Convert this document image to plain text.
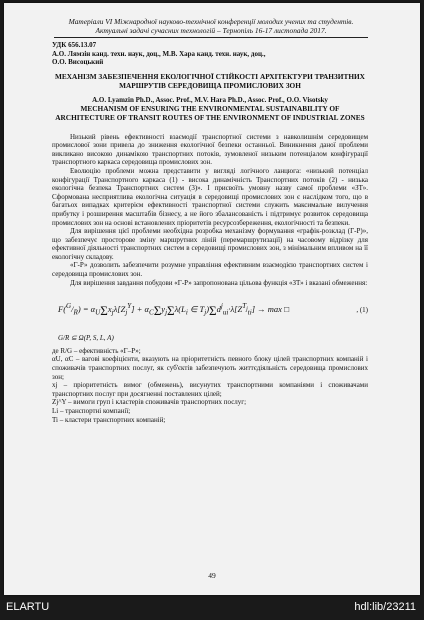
Матеріали VI Міжнародної науково-технічної конференції молодих учених та студентів.
Актуальні задачі сучасних технологій – Тернопіль 16-17 листопада 2017.

УДК 656.13.07

А.О. Лямзін канд. техн. наук, доц., М.В. Хара канд. техн. наук, доц.,

О.О. Висоцький

МЕХАНІЗМ ЗАБЕЗПЕЧЕННЯ ЕКОЛОГІЧНОЇ СТІЙКОСТІ АРХІТЕКТУРИ ТРАНЗИТНИХ МАРШРУТІВ СЕРЕДОВИЩА ПРОМИСЛОВИХ ЗОН

A.O. Lyamzin Ph.D., Assoc. Prof., M.V. Hara Ph.D., Assoc. Prof., O.O. Visotsky

MECHANISM OF ENSURING THE ENVIRONMENTAL SUSTAINABILITY OF ARCHITECTURE OF TRANSIT ROUTES OF THE ENVIRONMENT OF INDUSTRIAL ZONES

Низький рівень ефективності взаємодії транспортної системи з навколишнім середовищем промислової зони привела до зниження екологічної безпеки останньої. Виникнення даної проблеми викликано високою динамікою транспортних потоків, зумовленої низьким потенціалом конфігурації транспортного каркаса середовища промислових зон.

Еволюцію проблеми можна представити у вигляді логічного ланцюга: «низький потенціал конфігурації Транспортного каркаса (1) - висока динамічність Транспортних потоків (2) - низька екологічна безпека Транспортних систем (3)». І присвоїть умовну назву самої проблеми «ЗТ». Сформована несприятлива екологічна ситуація в середовищі промислових зон є наслідком того, що в багатьох випадках критерієм ефективності транспортної системи служить максимальне вилучення прибутку і розширення масштабів бізнесу, а не його збалансованість і підтримує розвиток середовища промислових зон на основі встановлених пріоритетів ресурсозбереження, екологічності та безпеки.

Для вирішення цієї проблеми необхідна розробка механізму формування «графік-розклад (Г-Р)», що забезпечує просторове зміну маршрутних ліній (перемаршрутизації) на часовому відрізку для ефективної діяльності транспортних систем в середовищі промислових зон, з мінімальним впливом на її екологічну складову.

«Г-Р» дозволить забезпечити розумне управління ефективним взаємодією транспортних систем і середовища промислових зон.

Для вирішення завдання побудови «Г-Р» запропонована цільова функція «ЗТ» і вказані обмеження:

$F(^G/_R) = \alpha_U\Sigma x_j\lambda[Z_j^Y] + \alpha_C\Sigma y_j\Sigma\lambda(L_i$ ∈ $T_j)\Sigma d^j_{ui}\cdot\lambda[Z^{T_j}_{ti}] \to \max$ □	, (1)

G/R ⊆ Ω(P, S, L, A)

де R/G – ефективність «Г–Р»;

αU, αC – вагові коефіцієнти, вказують на пріоритетність певного блоку цілей транспортних компаній і споживачів транспортних послуг, як суб'єктів забезпечують життєдіяльність середовища промислових зон;

xj – пріоритетність вимог (обмежень), висунутих транспортними компаніями і споживачами транспортних послуг при досягненні поставлених цілей;

Zj^Y – вимоги груп і кластерів споживачів транспортних послуг;

Li – транспортні компанії;

Ti – кластери транспортних компаній;

49
ELARTU	hdl:lib/23211
